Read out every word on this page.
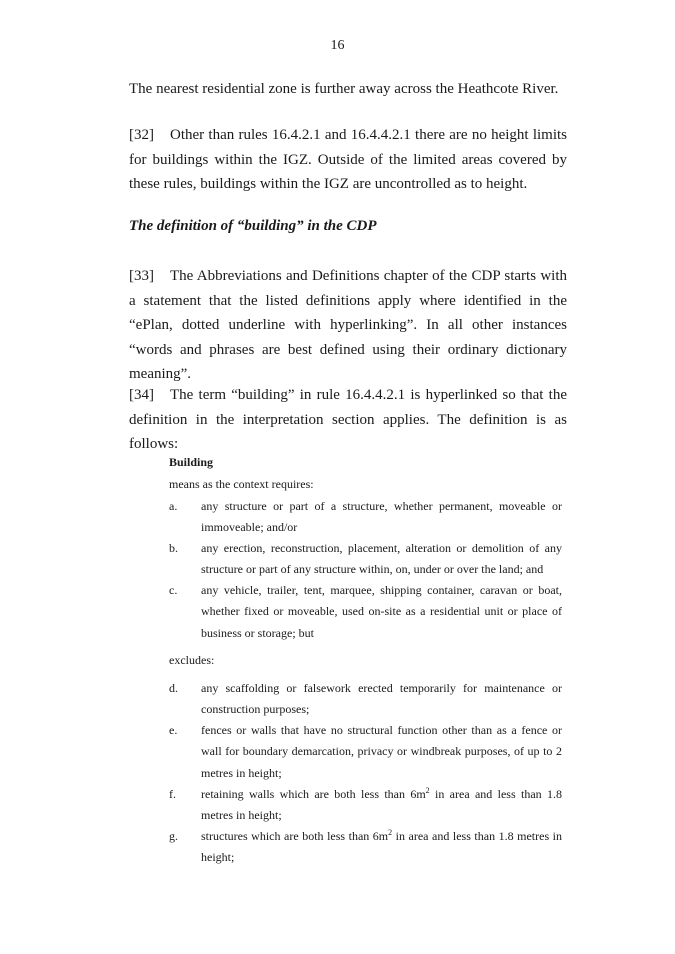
16

The nearest residential zone is further away across the Heathcote River.

[32] Other than rules 16.4.2.1 and 16.4.4.2.1 there are no height limits for buildings within the IGZ. Outside of the limited areas covered by these rules, buildings within the IGZ are uncontrolled as to height.

The definition of “building” in the CDP

[33] The Abbreviations and Definitions chapter of the CDP starts with a statement that the listed definitions apply where identified in the “ePlan, dotted underline with hyperlinking”. In all other instances “words and phrases are best defined using their ordinary dictionary meaning”.

[34] The term “building” in rule 16.4.4.2.1 is hyperlinked so that the definition in the interpretation section applies. The definition is as follows:

Building
means as the context requires:
a. any structure or part of a structure, whether permanent, moveable or immoveable; and/or
b. any erection, reconstruction, placement, alteration or demolition of any structure or part of any structure within, on, under or over the land; and
c. any vehicle, trailer, tent, marquee, shipping container, caravan or boat, whether fixed or moveable, used on-site as a residential unit or place of business or storage; but
excludes:
d. any scaffolding or falsework erected temporarily for maintenance or construction purposes;
e. fences or walls that have no structural function other than as a fence or wall for boundary demarcation, privacy or windbreak purposes, of up to 2 metres in height;
f. retaining walls which are both less than $6m^2$ in area and less than 1.8 metres in height;
g. structures which are both less than $6m^2$ in area and less than 1.8 metres in height;
